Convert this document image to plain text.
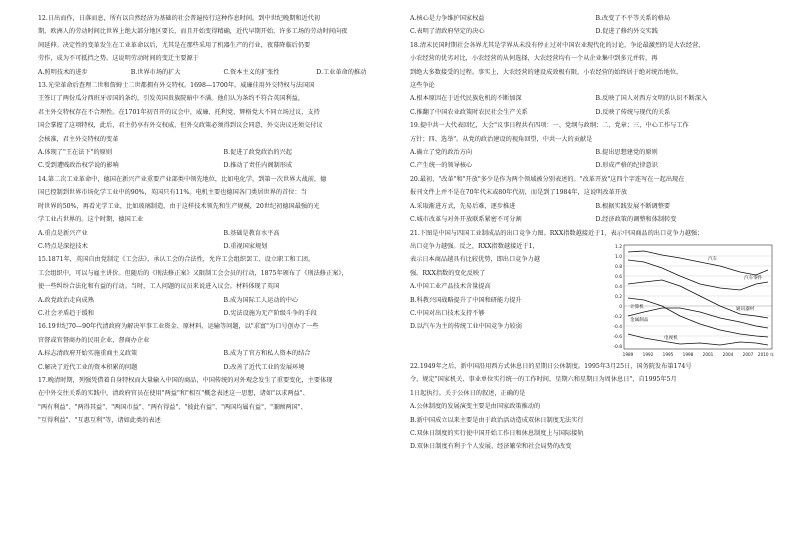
12.日出而作，日落而息，所有以自然经济为基础的社会普遍按行这种作息时间。到中世纪晚期和近代初
期，欧洲人的劳动时间比世界上绝大部分地区要长，而且开始变得精确，近代早期开始，许多工场的劳动时间向夜
间延伸。决定性的变革发生在工业革命以后，尤其是在那些采用了机器生产的行业，夜幕降临后仍要
劳作，成为不可抵挡之势。这说明劳动时间的变迁主要源于
A.照明技术的进步	B.世界市场的扩大	C.资本主义的扩张性	D.工业革命的推动
13.光荣革命后查理二世和詹姆士二世都拥有外交特权。1698—1700年，威廉佳用外交特权与法国国
王签订了两份瓜分西班牙帝国的条约，引发英国贵族院暗中不满。他们认为条约不符合英国利益，
君主外交特权存在不合理性。在1701年初召开的议会中，威廉、托利党、辉格党大不同立场过议，支持
国会掌握了这项特权，此后，君主仍享有外交权威，但外交政策必须得到议会同意，外交决议还须交付议
会核准，君主外交特权的变革
A.体现了"王在法下"的原则	B.促进了政党政治的兴起
C.受到遭贱政治权学说的影响	D.推动了责任内阁制形成
14.第二次工业革命中，德国在新兴产业重要产业部类中领先地位，比如电化学，到第一次世界大战前，德
国已控制到世界市场化学工业中的90%，英国只有11%。电机主要也德国各门类居世界的首位：当
时世界的50%，再看光学工业，比如玻璃制造，由于这样技术领先和生产规模，20世纪初德国最强的光
学工业占世界的。这个时期，德国工业
A.重点是新兴产业	B.基础是教育水平高
C.特点是深挖技术	D.重视国家规划
15.1871年，英国自由党制定《工会法》，承认工会的合法性，允许工会组织罢工、设立职工和工团。
工会组织中，可以与雇主讲价。但随后的《刑法修正案》又限制工会会员的行动，1875年颁布了《刑法修正案》，
使一些纠纷合法化和有益的行动。当时，工人问题的议员来说进入议会。材料体现了英国
A.政党政治走向成熟	B.成为国际工人运动的中心
C.社会矛盾趋于缓和	D.宪法设施为无产阶级斗争的手段
16.19世纪70—90年代清政府为解决军事工业资金、原材料、运输等问题，以"求富"为口号创办了一些
官督或官督商办的民用企业，督商办企业
A.标志清政府开始实施重商主义政策	B.成为了官方和私人资本的结合
C.解决了近代工业的资本积累的问题	D.改善了近代工业的发展环境
17.晚清时期，列强凭借着自身特权而大量输入中国的商品，中国传统的对外观念发生了重要变化，主要体现
在中外交往关系的实践中，清政府官员在使用"两益"和"相互"概念表述这一思想，诸如"以求两益"、
"两有利益"、"两得其益"、"两国市益"、"两有得益"、"彼此有益"、"两国均属有益"、"兼顾两国"、
"互得利益"、"互惠互利"等，诸如此类的表述
A.核心是力争维护国家权益	B.改变了不平等关系的格局
C.表明了清政府坚定的决心	D.促进了修约外交实践
18.清末民国时期社会各界尤其是学界从未没有停止过对中国农业现代化的讨论，争论最激烈的是大农经营、
小农经营的优劣对比，小农经营的从何选择，大农经营均有一个从企业集中到多元并转，再
到绝大多数接受的过程。事实上，大农经营的建设成效极有限，小农经营的始终居于绝对统治地位。
这些争论
A.根本原因在于近代民族危机的不断加深	B.反映了国人对西方文明的认识不断深入
C.推翻了中国农业政策时农民社会生产关系	D.反映了传统与现代的关系
19.提中共一大代表回忆，大会"议事日程共有四项：一、党纲与政纲；二、党章；三、中心工作与工作
方针；四、选举"。从党的政治建设的视角回望，中共一大的贡献是
A.确立了党的政治方向	B.提出思想建党的原则
C.产生统一的领导核心	D.形成严格的纪律意识
20.最初，"改革"和"开放"多少是作为两个领域被分别表述的。"改革开放"这四个字连写在一起出现在
报刊文件上并不是在70年代末或80年代初，而是到了1984年，这说明改革开放
A.采取渐进方式，先易后难，逐步推进	B.根据实践发展不断调整要
C.城市改革与对外开放联系紧密不可分割	D.经济政策的调整和体制转变
21.下图是中国与四国工业制成品的出口竞争力图。RXX指数越接近于1，表示中国商品的出口竞争力越强；
出口竞争力越强。反之，RXX指数越接近于1，
表示日本商品越具有比较优势，即出口竞争力越
强。RXX指数的变化反映了
A.中国工业产品技术含量提高
B.科教兴国战略提升了中国和研能力提升
C.中国对出口技术支持不够
D.以汽车为主的传统工业中国竞争力较弱
1.2
1.0
0.8
0.6
0.4
0.2
0
-0.2
-0.4
-0.6
-0.8
汽车
汽车零件
通讯器材
计算机
金属制品
电视机
1989 1992 1995 1998 2001 2004 2007 2010 年
22.1949年之后，新中国沿用西方式休息日的星期日公休制度。1995年3月25日，国务院发布第174号
令，规定"国家机关、事业单位实行统一的工作时间，星期六和星期日为周休息日"，自1995年5月
1日起执行。关于公休日的叙述，正确的是
A.公休制度的发展演变主要是由国家政策推动的
B.新中国成立以来主要是由于政治活动造成双休日制度无法实行
C.双休日制度的实行使中国开始工作日和休息制度上与国际接轨
D.双休日制度有利于个人发展、经济繁荣和社会局势的改变
